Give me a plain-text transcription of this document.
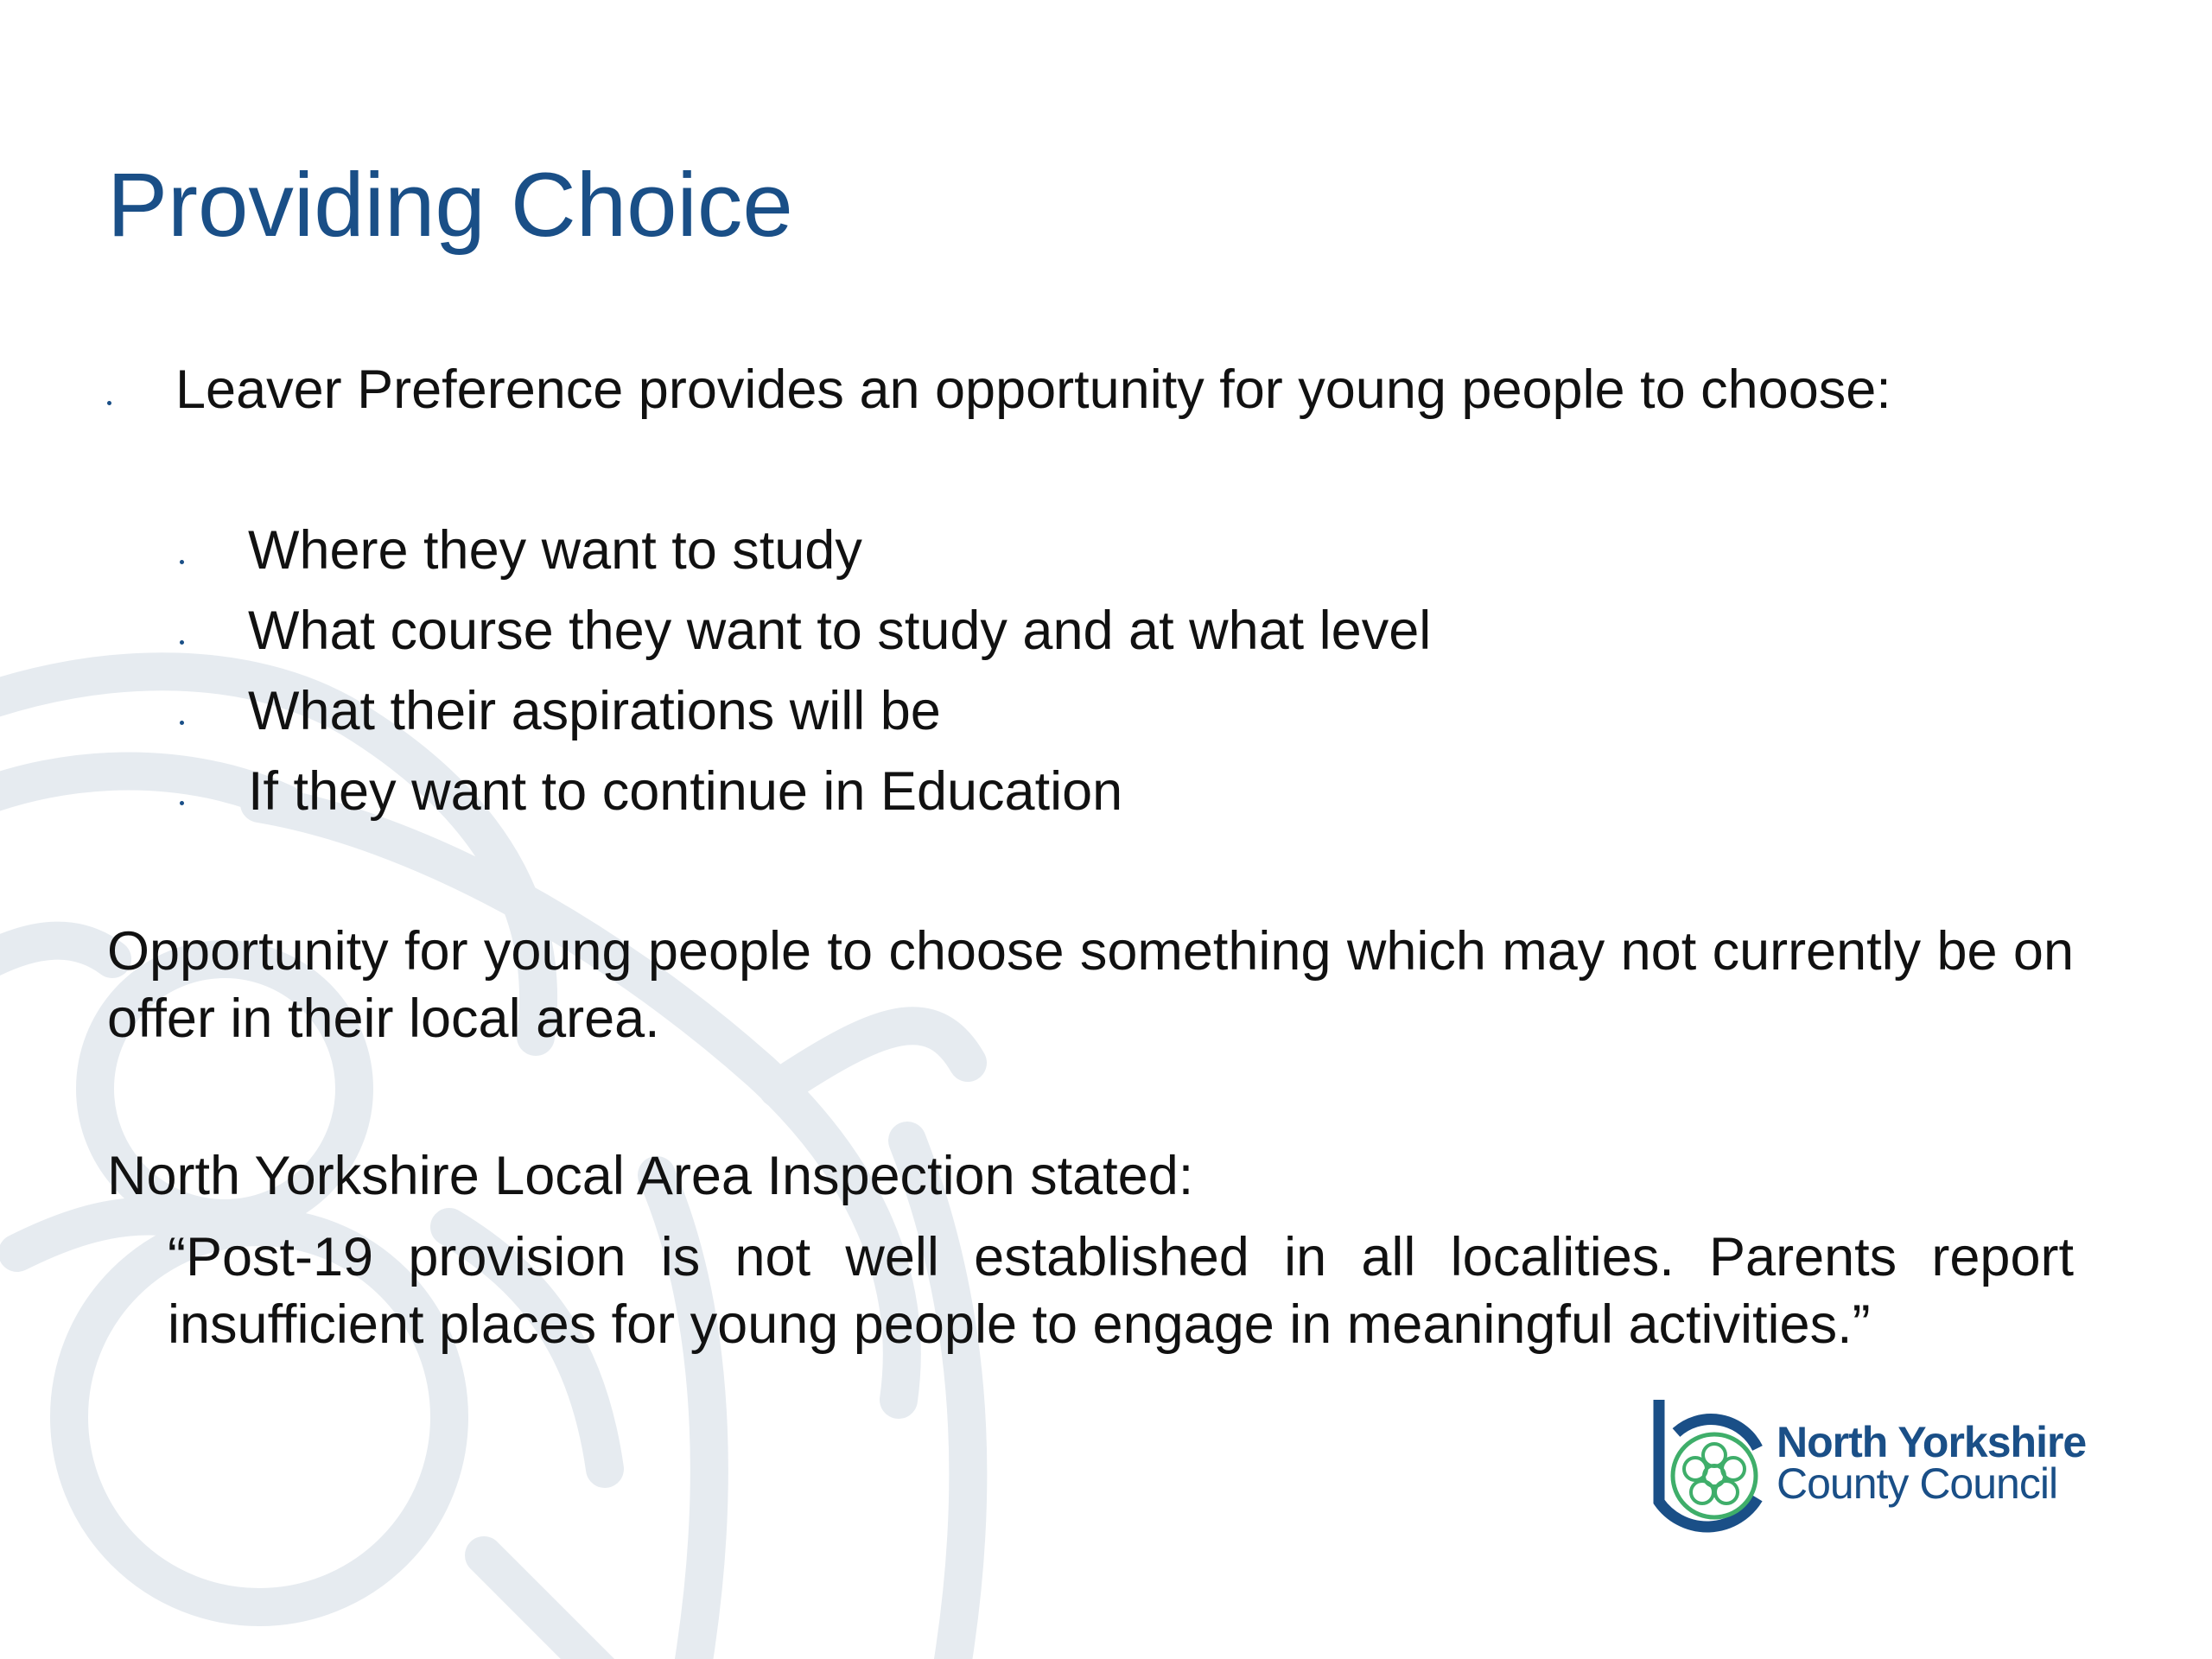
Providing Choice
Leaver Preference provides an opportunity for young people to choose:
Where they want to study
What course they want to study and at what level
What their aspirations will be
If they want to continue in Education
Opportunity for young people to choose something which may not currently be on offer in their local area.
North Yorkshire Local Area Inspection stated:
“Post-19 provision is not well established in all localities. Parents report insufficient places for young people to engage in meaningful activities.”
North Yorkshire
County Council
